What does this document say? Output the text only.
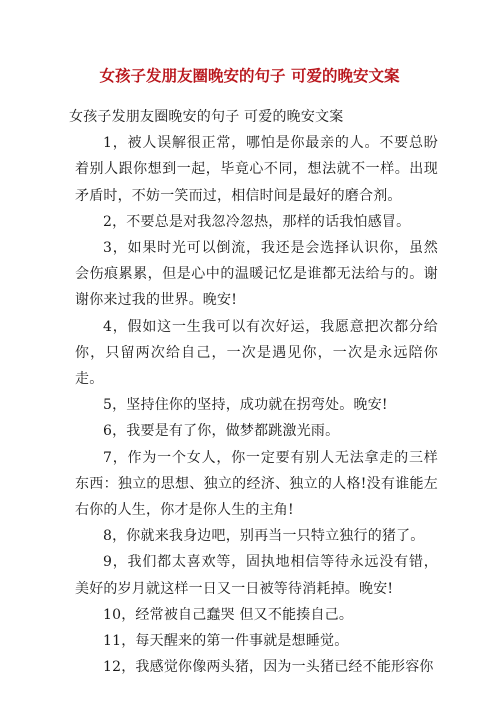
女孩子发朋友圈晚安的句子 可爱的晚安文案

女孩子发朋友圈晚安的句子 可爱的晚安文案

1，被人误解很正常，哪怕是你最亲的人。不要总盼着别人跟你想到一起，毕竟心不同，想法就不一样。出现矛盾时，不妨一笑而过，相信时间是最好的磨合剂。

2，不要总是对我忽冷忽热，那样的话我怕感冒。

3，如果时光可以倒流，我还是会选择认识你，虽然会伤痕累累，但是心中的温暖记忆是谁都无法给与的。谢谢你来过我的世界。晚安!

4，假如这一生我可以有次好运，我愿意把次都分给你，只留两次给自己，一次是遇见你，一次是永远陪你走。

5，坚持住你的坚持，成功就在拐弯处。晚安!

6，我要是有了你，做梦都跳激光雨。

7，作为一个女人，你一定要有别人无法拿走的三样东西：独立的思想、独立的经济、独立的人格!没有谁能左右你的人生，你才是你人生的主角!

8，你就来我身边吧，别再当一只特立独行的猪了。

9，我们都太喜欢等，固执地相信等待永远没有错，美好的岁月就这样一日又一日被等待消耗掉。晚安!

10，经常被自己蠢哭 但又不能揍自己。

11，每天醒来的第一件事就是想睡觉。

12，我感觉你像两头猪，因为一头猪已经不能形容你
